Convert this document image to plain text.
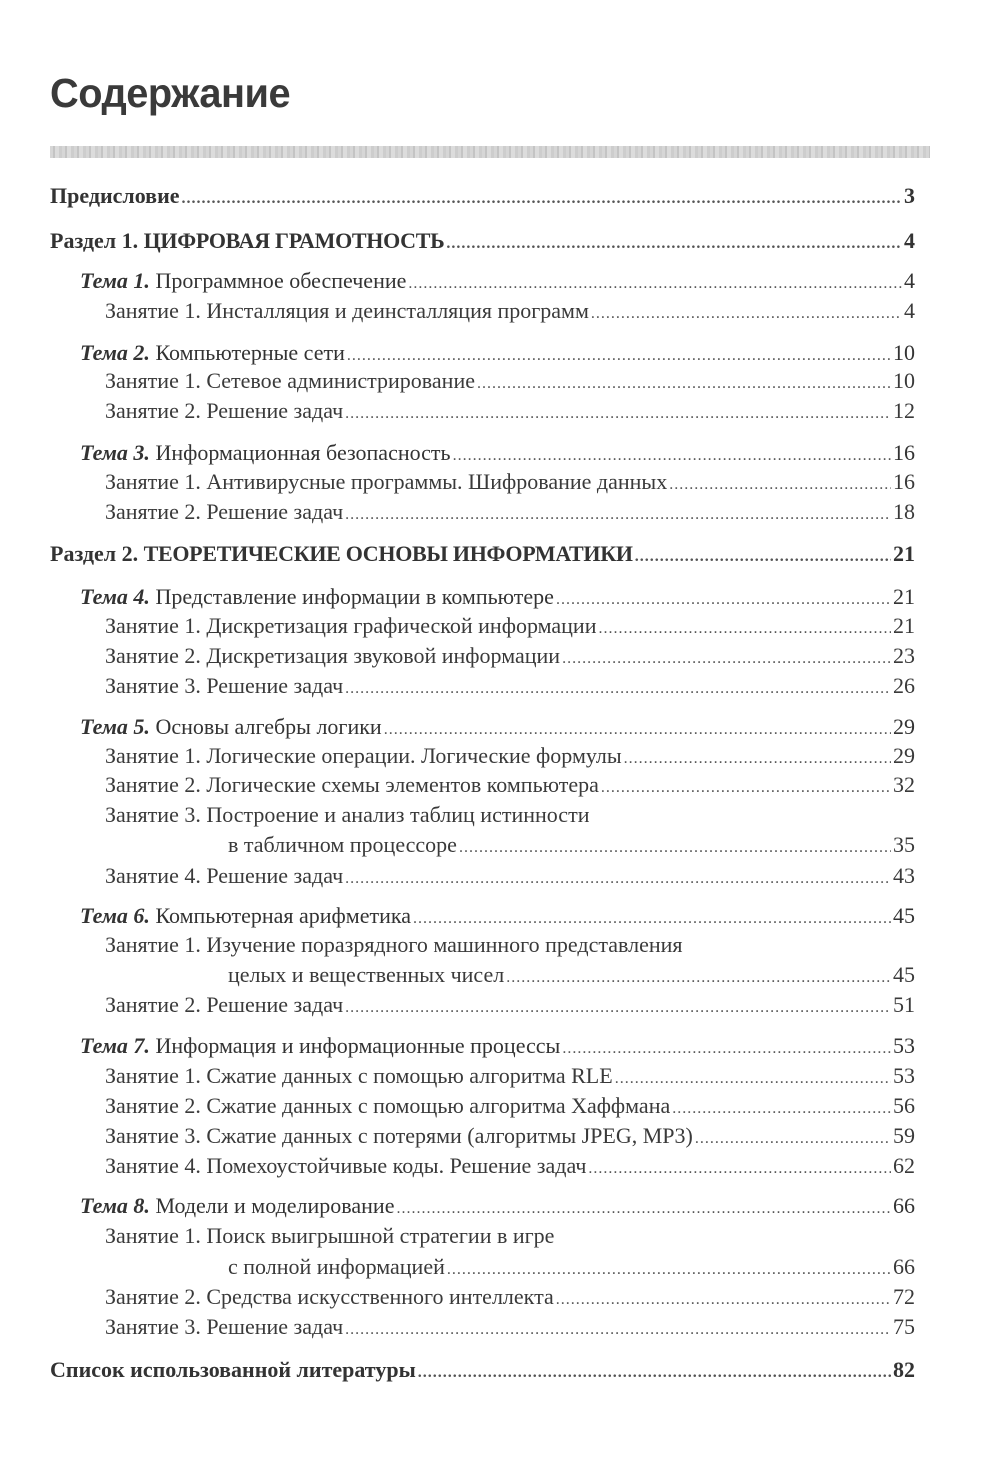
Содержание
Предисловие .....	3
Раздел 1. ЦИФРОВАЯ ГРАМОТНОСТЬ .....	4
Тема 1. Программное обеспечение .....	4
Занятие 1. Инсталляция и деинсталляция программ .....	4
Тема 2. Компьютерные сети .....	10
Занятие 1. Сетевое администрирование .....	10
Занятие 2. Решение задач .....	12
Тема 3. Информационная безопасность .....	16
Занятие 1. Антивирусные программы. Шифрование данных .....	16
Занятие 2. Решение задач .....	18
Раздел 2. ТЕОРЕТИЧЕСКИЕ ОСНОВЫ ИНФОРМАТИКИ .....	21
Тема 4. Представление информации в компьютере .....	21
Занятие 1. Дискретизация графической информации .....	21
Занятие 2. Дискретизация звуковой информации .....	23
Занятие 3. Решение задач .....	26
Тема 5. Основы алгебры логики .....	29
Занятие 1. Логические операции. Логические формулы .....	29
Занятие 2. Логические схемы элементов компьютера .....	32
Занятие 3. Построение и анализ таблиц истинности
в табличном процессоре .....	35
Занятие 4. Решение задач .....	43
Тема 6. Компьютерная арифметика .....	45
Занятие 1. Изучение поразрядного машинного представления
целых и вещественных чисел .....	45
Занятие 2. Решение задач .....	51
Тема 7. Информация и информационные процессы .....	53
Занятие 1. Сжатие данных с помощью алгоритма RLE .....	53
Занятие 2. Сжатие данных с помощью алгоритма Хаффмана .....	56
Занятие 3. Сжатие данных с потерями (алгоритмы JPEG, MP3) .....	59
Занятие 4. Помехоустойчивые коды. Решение задач .....	62
Тема 8. Модели и моделирование .....	66
Занятие 1. Поиск выигрышной стратегии в игре
с полной информацией .....	66
Занятие 2. Средства искусственного интеллекта .....	72
Занятие 3. Решение задач .....	75
Список использованной литературы .....	82
